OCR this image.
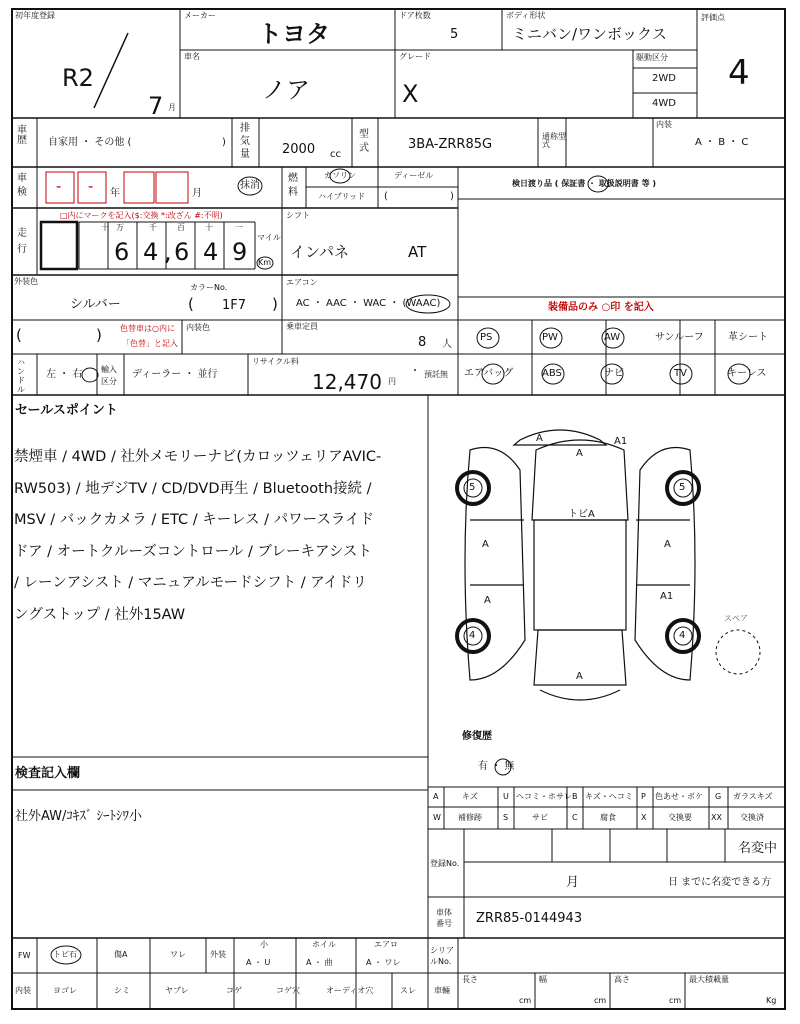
初年度登録
R2
7 月
メーカー
トヨタ
ドア枚数
5
ボディ形状
ミニバン/ワンボックス
評価点
4
車名
ノア
グレード
X
駆動区分
2WD
4WD
車歴 自家用 ・ その他 (	)
排気量 2000 cc
型式	3BA-ZRR85G
通称型式
内装
A ・ B ・ C
車検 - - 年	月
抹消
ガソリン	ディーゼル
ハイブリッド (	)
検日渡り品 ( 保証書 ・ 取扱説明書 等 )
燃料
走行
□内にマークを記入($:交換 *:改ざん #:不明)
十 万	千	百	十	一
6 4 , 6 4 9
マイル
Km
シフト
インパネ	AT
外装色
シルバー
カラーNo.
( 1F7 )
エアコン
AC ・ AAC ・ WAC ・ (WAAC)	装備品のみ ○印 を記入
(	) 色替車は○内に
「色替」と記入
内装色	乗車定員
8 人
PS	PW	AW	サンルーフ 革シート
エアバッグ	ABS	ナビ	TV	キーレス
ハンドル
左 ・ 右 輸入区分
ディーラー ・ 並行
リサイクル料
12,470 円
・ 預託無
セールスポイント
禁煙車 / 4WD / 社外メモリーナビ(カロッツェリアAVIC-
RW503) / 地デジTV / CD/DVD再生 / Bluetooth接続 /
MSV / バックカメラ / ETC / キーレス / パワースライド
ドア / オートクルーズコントロール / ブレーキアシスト
/ レーンアシスト / マニュアルモードシフト / アイドリ
ングストップ / 社外15AW
A	A1
A
トビA
A	A
A	A1
A
5	5
4	4
スペア
修復歴
有 ・ 無
検査記入欄
社外AW/ｺｷｽﾞ ｼｰﾄｼﾜ小
A	キズ	U ヘコミ・ホサレ B キズ・ヘコミ P 色あせ・ボケ G ガラスキズ
W 補修跡	S	サビ	C	腐食	X	交換要 XX 交換済
登録No.
名変中
月	日 までに名変できる方
車体番号	ZRR85-0144943
FW	トビ石	傷A	ワレ	外装
小	ホイル	エアロ
A ・ U	A ・ 曲	A ・ ワレ
シリアルNo.
内装	ヨゴレ	シミ	ヤブレ	コゲ	コゲ穴	オーディオ穴	スレ 車輛
長さ	幅	高さ	最大積載量
cm	cm	cm	Kg
